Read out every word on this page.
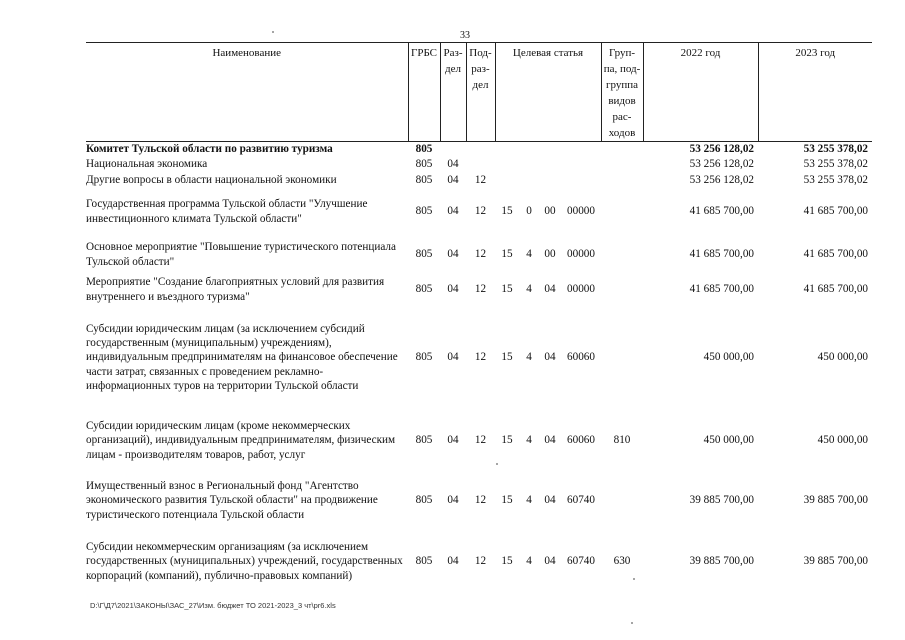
33
Наименование	ГРБС	Раз- дел	Под- раз- дел	Целевая статья				Груп- па, под- группа видов рас- ходов	2022 год	2023 год
Комитет Тульской области по развитию туризма	805								53 256 128,02	53 255 378,02
Национальная экономика	805	04							53 256 128,02	53 255 378,02
Другие вопросы в области национальной экономики	805	04	12						53 256 128,02	53 255 378,02
Государственная программа Тульской области "Улучшение инвестиционного климата Тульской области"	805	04	12	15	0	00	00000		41 685 700,00	41 685 700,00
Основное мероприятие "Повышение туристического потенциала Тульской области"	805	04	12	15	4	00	00000		41 685 700,00	41 685 700,00
Мероприятие "Создание благоприятных условий для развития внутреннего и въездного туризма"	805	04	12	15	4	04	00000		41 685 700,00	41 685 700,00
Субсидии юридическим лицам (за исключением субсидий государственным (муниципальным) учреждениям), индивидуальным предпринимателям на финансовое обеспечение части затрат, связанных с проведением рекламно-информационных туров на территории Тульской области	805	04	12	15	4	04	60060		450 000,00	450 000,00
Субсидии юридическим лицам (кроме некоммерческих организаций), индивидуальным предпринимателям, физическим лицам - производителям товаров, работ, услуг	805	04	12	15	4	04	60060	810	450 000,00	450 000,00
Имущественный взнос в Региональный фонд "Агентство экономического развития Тульской области" на продвижение туристического потенциала Тульской области	805	04	12	15	4	04	60740		39 885 700,00	39 885 700,00
Субсидии некоммерческим организациям (за исключением государственных (муниципальных) учреждений, государственных корпораций (компаний), публично-правовых компаний)	805	04	12	15	4	04	60740	630	39 885 700,00	39 885 700,00
D:\Г\Д7\2021\ЗАКОНЫ\ЗАС_27\Изм. бюджет ТО 2021-2023_3 чт\pr6.xls
